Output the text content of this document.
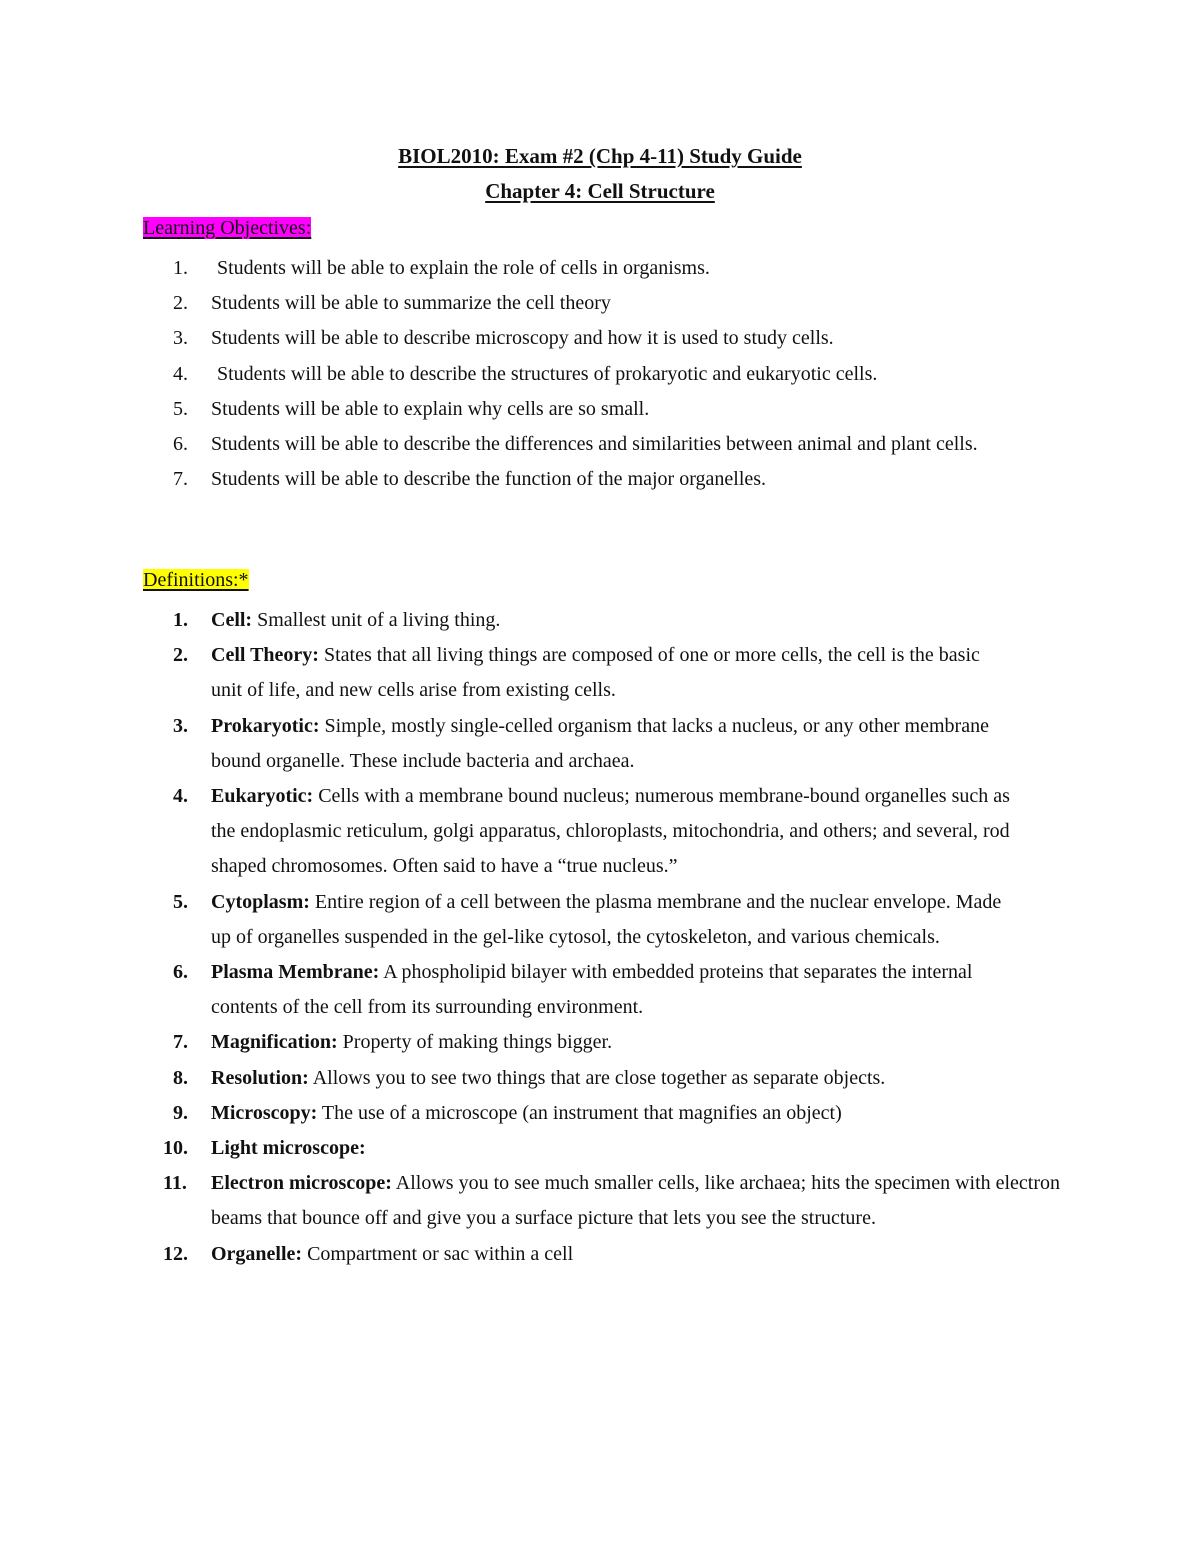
BIOL2010: Exam #2 (Chp 4-11) Study Guide
Chapter 4: Cell Structure
Learning Objectives:
1. Students will be able to explain the role of cells in organisms.
2. Students will be able to summarize the cell theory
3. Students will be able to describe microscopy and how it is used to study cells.
4. Students will be able to describe the structures of prokaryotic and eukaryotic cells.
5. Students will be able to explain why cells are so small.
6. Students will be able to describe the differences and similarities between animal and plant cells.
7. Students will be able to describe the function of the major organelles.
Definitions:*
1. Cell: Smallest unit of a living thing.
2. Cell Theory: States that all living things are composed of one or more cells, the cell is the basic unit of life, and new cells arise from existing cells.
3. Prokaryotic: Simple, mostly single-celled organism that lacks a nucleus, or any other membrane bound organelle. These include bacteria and archaea.
4. Eukaryotic: Cells with a membrane bound nucleus; numerous membrane-bound organelles such as the endoplasmic reticulum, golgi apparatus, chloroplasts, mitochondria, and others; and several, rod shaped chromosomes. Often said to have a “true nucleus.”
5. Cytoplasm: Entire region of a cell between the plasma membrane and the nuclear envelope. Made up of organelles suspended in the gel-like cytosol, the cytoskeleton, and various chemicals.
6. Plasma Membrane: A phospholipid bilayer with embedded proteins that separates the internal contents of the cell from its surrounding environment.
7. Magnification: Property of making things bigger.
8. Resolution: Allows you to see two things that are close together as separate objects.
9. Microscopy: The use of a microscope (an instrument that magnifies an object)
10. Light microscope:
11. Electron microscope: Allows you to see much smaller cells, like archaea; hits the specimen with electron beams that bounce off and give you a surface picture that lets you see the structure.
12. Organelle: Compartment or sac within a cell
